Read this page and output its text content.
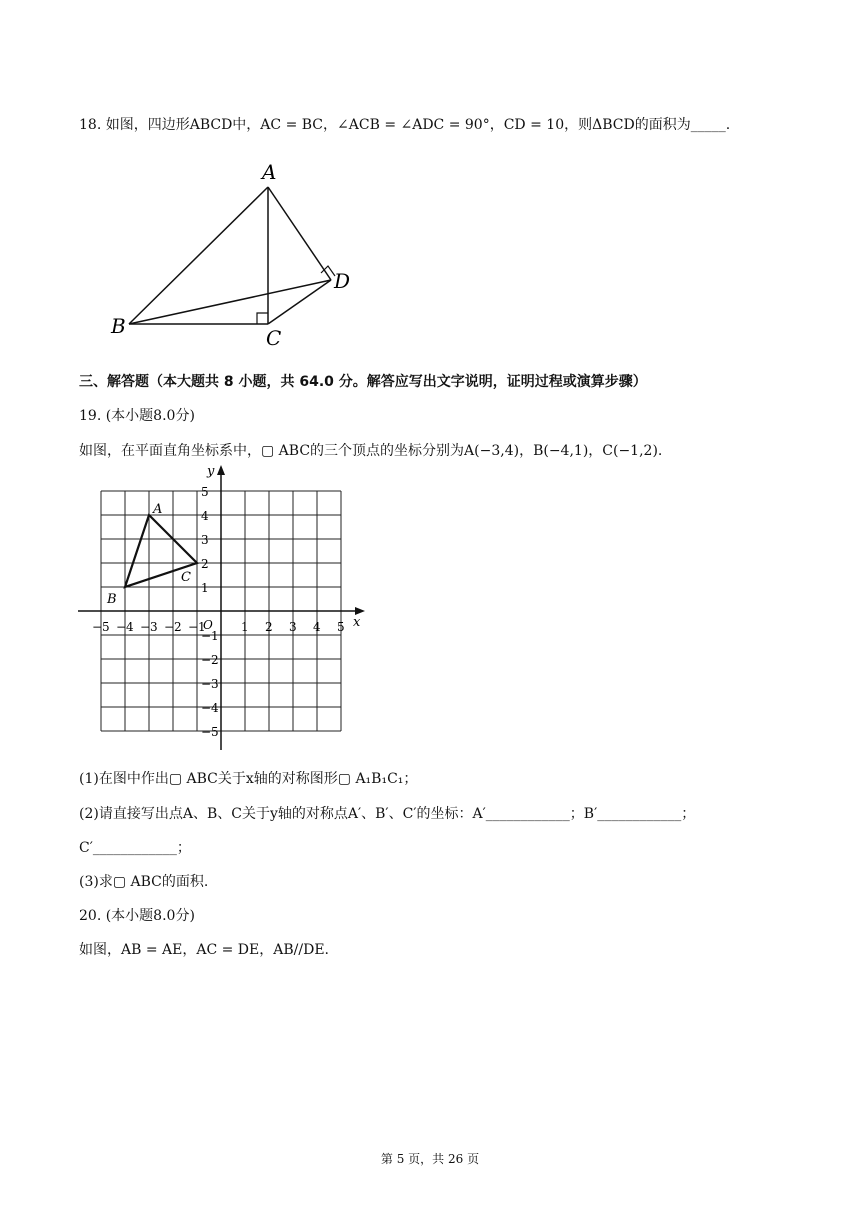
18. 如图，四边形ABCD中，AC = BC，∠ACB = ∠ADC = 90°，CD = 10，则ΔBCD的面积为_____.
A
B	C
D
三、解答题（本大题共 8 小题，共 64.0 分。解答应写出文字说明，证明过程或演算步骤）
19. (本小题8.0分)
如图，在平面直角坐标系中，▢ ABC的三个顶点的坐标分别为A(−3,4)，B(−4,1)，C(−1,2).
x
y
O
−5 −4 −3 −2 −1	1 2 3 4 5
5
4
3
2
1
−1
−2
−3
−4
−5
A
B
C
(1)在图中作出▢ ABC关于x轴的对称图形▢ A₁B₁C₁；
(2)请直接写出点A、B、C关于y轴的对称点A′、B′、C′的坐标：A′____________；B′____________；
C′____________；
(3)求▢ ABC的面积.
20. (本小题8.0分)
如图，AB = AE，AC = DE，AB//DE.
第 5 页，共 26 页
